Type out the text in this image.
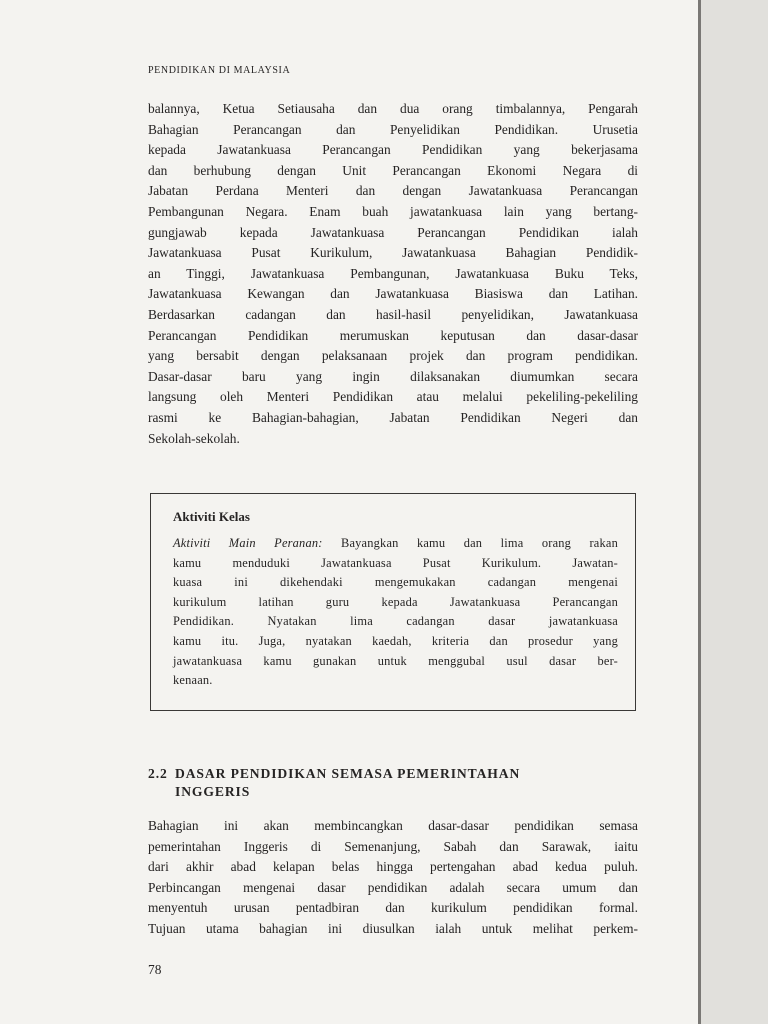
PENDIDIKAN DI MALAYSIA
balannya, Ketua Setiausaha dan dua orang timbalannya, Pengarah
Bahagian Perancangan dan Penyelidikan Pendidikan. Urusetia
kepada Jawatankuasa Perancangan Pendidikan yang bekerjasama
dan berhubung dengan Unit Perancangan Ekonomi Negara di
Jabatan Perdana Menteri dan dengan Jawatankuasa Perancangan
Pembangunan Negara. Enam buah jawatankuasa lain yang bertang-
gungjawab kepada Jawatankuasa Perancangan Pendidikan ialah
Jawatankuasa Pusat Kurikulum, Jawatankuasa Bahagian Pendidik-
an Tinggi, Jawatankuasa Pembangunan, Jawatankuasa Buku Teks,
Jawatankuasa Kewangan dan Jawatankuasa Biasiswa dan Latihan.
Berdasarkan cadangan dan hasil-hasil penyelidikan, Jawatankuasa
Perancangan Pendidikan merumuskan keputusan dan dasar-dasar
yang bersabit dengan pelaksanaan projek dan program pendidikan.
Dasar-dasar baru yang ingin dilaksanakan diumumkan secara
langsung oleh Menteri Pendidikan atau melalui pekeliling-pekeliling
rasmi ke Bahagian-bahagian, Jabatan Pendidikan Negeri dan
Sekolah-sekolah.
Aktiviti Kelas
Aktiviti Main Peranan: Bayangkan kamu dan lima orang rakan
kamu menduduki Jawatankuasa Pusat Kurikulum. Jawatan-
kuasa ini dikehendaki mengemukakan cadangan mengenai
kurikulum latihan guru kepada Jawatankuasa Perancangan
Pendidikan. Nyatakan lima cadangan dasar jawatankuasa
kamu itu. Juga, nyatakan kaedah, kriteria dan prosedur yang
jawatankuasa kamu gunakan untuk menggubal usul dasar ber-
kenaan.
2.2 DASAR PENDIDIKAN SEMASA PEMERINTAHAN
INGGERIS
Bahagian ini akan membincangkan dasar-dasar pendidikan semasa
pemerintahan Inggeris di Semenanjung, Sabah dan Sarawak, iaitu
dari akhir abad kelapan belas hingga pertengahan abad kedua puluh.
Perbincangan mengenai dasar pendidikan adalah secara umum dan
menyentuh urusan pentadbiran dan kurikulum pendidikan formal.
Tujuan utama bahagian ini diusulkan ialah untuk melihat perkem-
78
